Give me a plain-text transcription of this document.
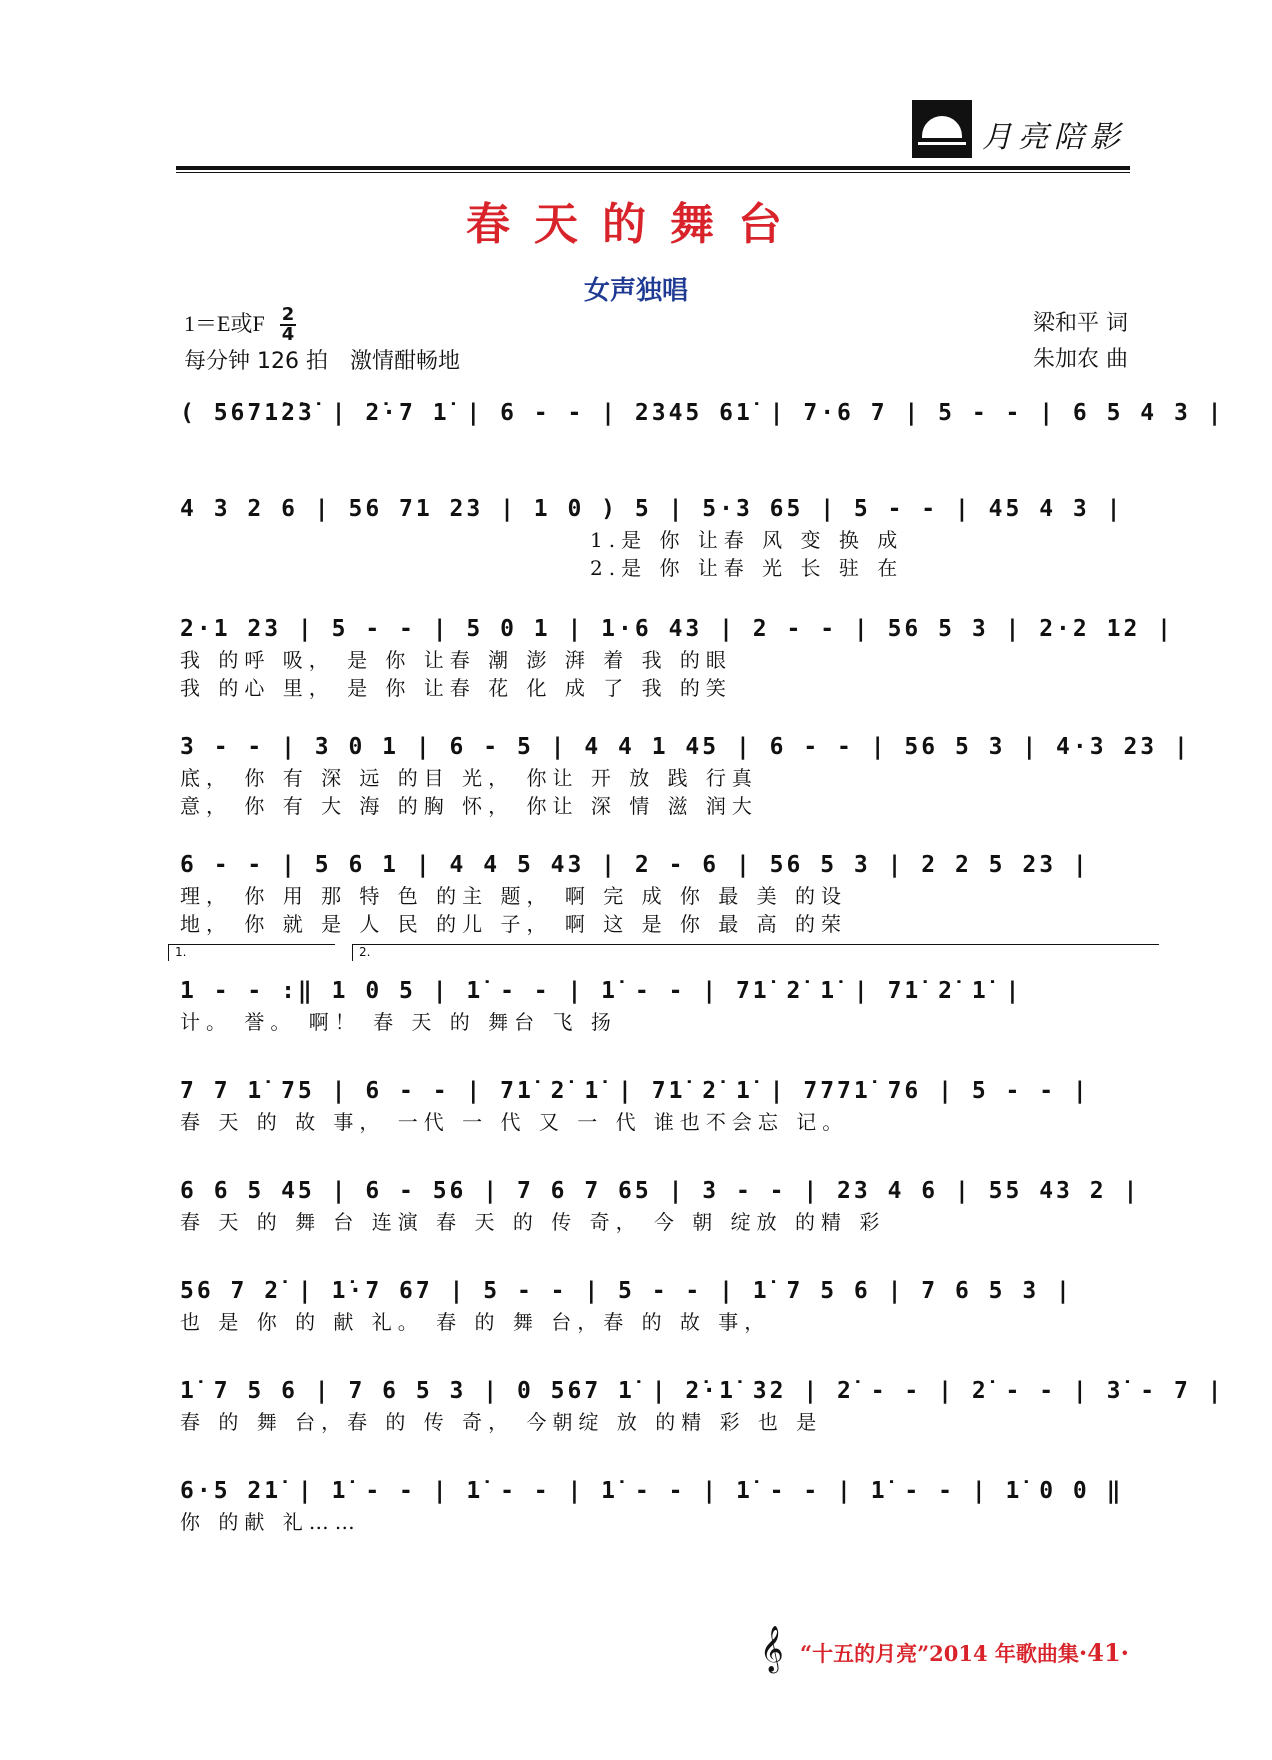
月亮陪影
春天的舞台
女声独唱
1＝E或F $\frac{2}{4}$
每分钟 126 拍　激情酣畅地
梁和平 词
朱加农 曲
( 5671̇2̇3̇ | 2̇·7 1̇ | 6 - - | 2345 61̇ | 7·6 7 | 5 - - | 6 5 4 3 |
4 3 2 6 | 56 71 23 | 1 0 ) 5 | 5·3 65 | 5 - - | 45 4 3 |
1.是 你 让春 风 变 换 成
2.是 你 让春 光 长 驻 在
2·1 23 | 5 - - | 5 0 1 | 1·6 43 | 2 - - | 56 5 3 | 2·2 12 |
我 的呼 吸， 是 你 让春 潮 澎 湃 着 我 的眼
我 的心 里， 是 你 让春 花 化 成 了 我 的笑
3 - - | 3 0 1 | 6 - 5 | 4 4 1 45 | 6 - - | 56 5 3 | 4·3 23 |
底， 你 有 深 远 的目 光， 你让 开 放 践 行真
意， 你 有 大 海 的胸 怀， 你让 深 情 滋 润大
6 - - | 5 6 1 | 4 4 5 43 | 2 - 6 | 56 5 3 | 2 2 5 23 |
理， 你 用 那 特 色 的主 题， 啊 完 成 你 最 美 的设
地， 你 就 是 人 民 的儿 子， 啊 这 是 你 最 高 的荣
1.	2.
1 - - :‖ 1 0 5 | 1̇ - - | 1̇ - - | 71̇ 2̇ 1̇ | 71̇ 2̇ 1̇ |
计。 誉。 啊！ 春 天 的 舞台 飞 扬
7 7 1̇ 75 | 6 - - | 71̇ 2̇ 1̇ | 71̇ 2̇ 1̇ | 7771̇ 76 | 5 - - |
春 天 的 故 事， 一代 一 代 又 一 代 谁也不会忘 记。
6 6 5 45 | 6 - 56 | 7 6 7 65 | 3 - - | 23 4 6 | 55 43 2 |
春 天 的 舞 台 连演 春 天 的 传 奇， 今 朝 绽放 的精 彩
56 7 2̇ | 1̇·7 67 | 5 - - | 5 - - | 1̇ 7 5 6 | 7 6 5 3 |
也 是 你 的 献 礼。 春 的 舞 台，春 的 故 事，
1̇ 7 5 6 | 7 6 5 3 | 0 567 1̇ | 2̇·1̇ 32 | 2̇ - - | 2̇ - - | 3̇ - 7 |
春 的 舞 台，春 的 传 奇， 今朝绽 放 的精 彩 也 是
6·5 21̇ | 1̇ - - | 1̇ - - | 1̇ - - | 1̇ - - | 1̇ - - | 1̇ 0 0 ‖
你 的献 礼……
𝄞 “十五的月亮”2014 年歌曲集·41·
